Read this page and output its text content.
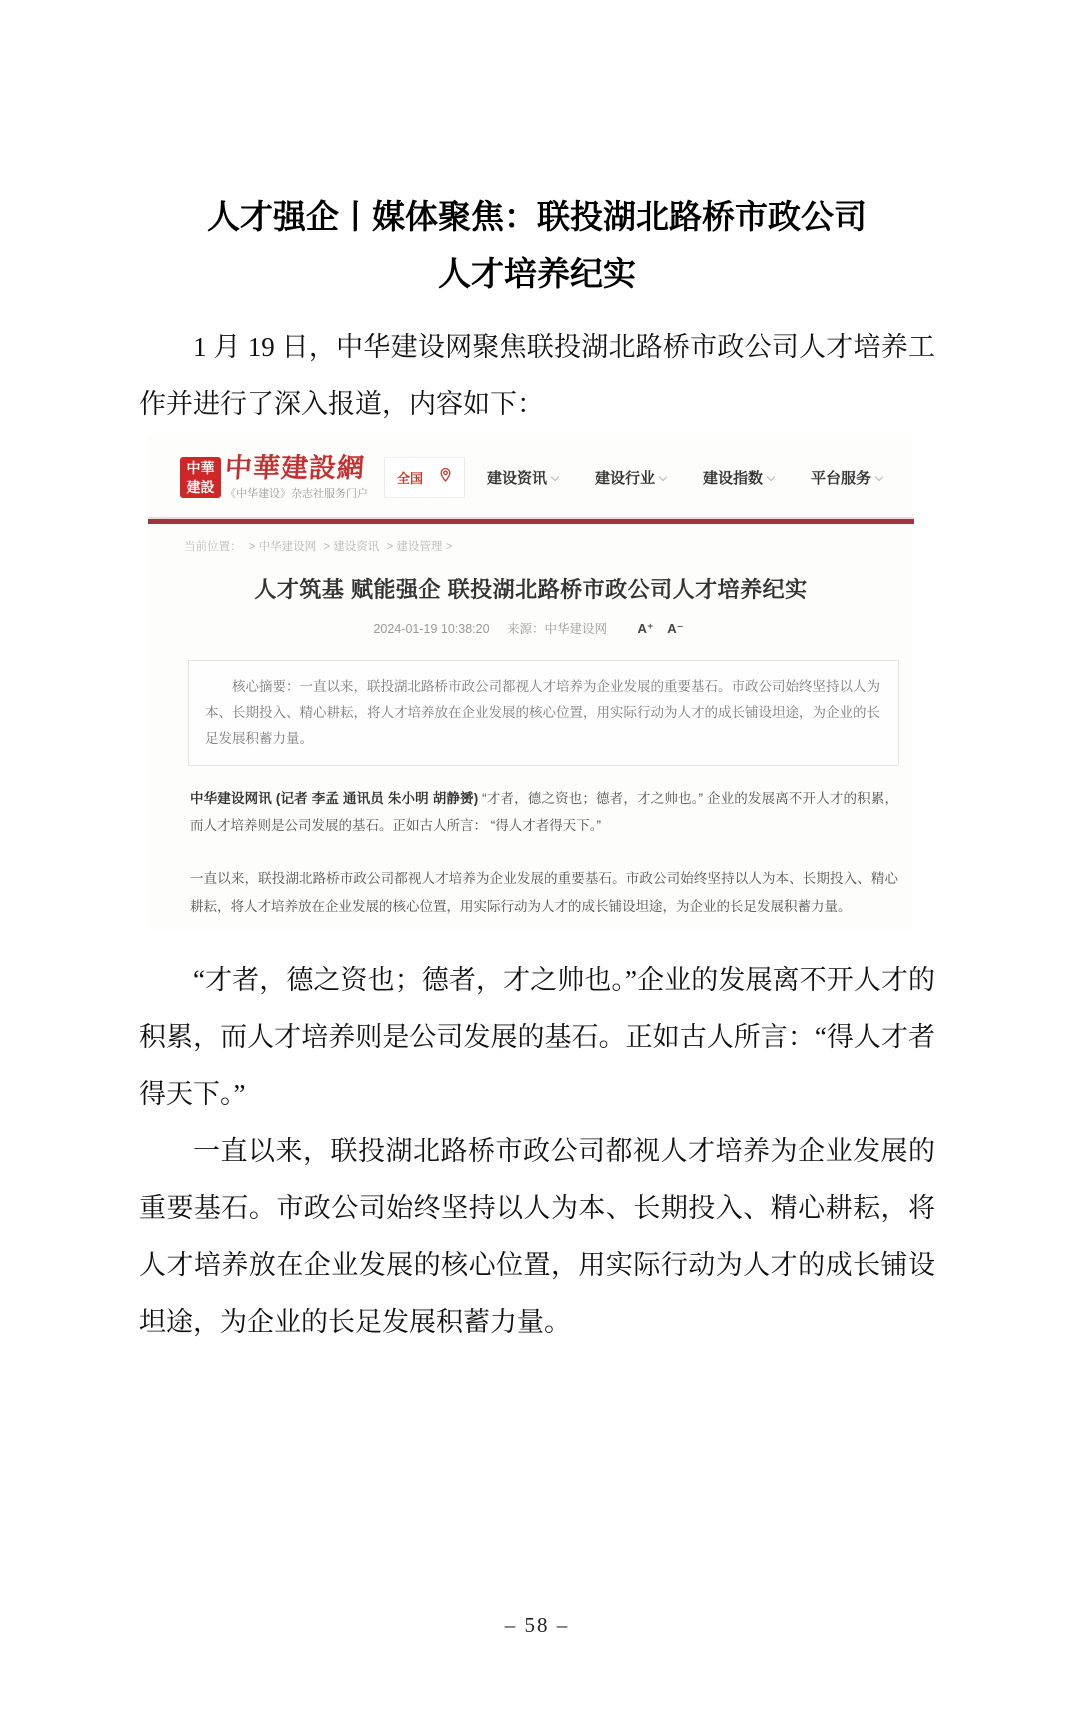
人才强企丨媒体聚焦：联投湖北路桥市政公司
人才培养纪实

1 月 19 日，中华建设网聚焦联投湖北路桥市政公司人才培养工作并进行了深入报道，内容如下：

中華
建設
中華建設網
《中华建设》杂志社服务门户
全国	建设资讯	建设行业	建设指数	平台服务
当前位置： > 中华建设网 > 建设资讯 > 建设管理 >
人才筑基 赋能强企 联投湖北路桥市政公司人才培养纪实
2024-01-19 10:38:20 来源：中华建设网 A⁺ A⁻
核心摘要：一直以来，联投湖北路桥市政公司都视人才培养为企业发展的重要基石。市政公司始终坚持以人为本、长期投入、精心耕耘，将人才培养放在企业发展的核心位置，用实际行动为人才的成长铺设坦途，为企业的长足发展积蓄力量。

中华建设网讯 (记者 李孟 通讯员 朱小明 胡静赟) “才者，德之资也；德者，才之帅也。” 企业的发展离不开人才的积累，而人才培养则是公司发展的基石。正如古人所言： “得人才者得天下。”

一直以来，联投湖北路桥市政公司都视人才培养为企业发展的重要基石。市政公司始终坚持以人为本、长期投入、精心耕耘，将人才培养放在企业发展的核心位置，用实际行动为人才的成长铺设坦途，为企业的长足发展积蓄力量。

“才者，德之资也；德者，才之帅也。”企业的发展离不开人才的积累，而人才培养则是公司发展的基石。正如古人所言：“得人才者得天下。”

一直以来，联投湖北路桥市政公司都视人才培养为企业发展的重要基石。市政公司始终坚持以人为本、长期投入、精心耕耘，将人才培养放在企业发展的核心位置，用实际行动为人才的成长铺设坦途，为企业的长足发展积蓄力量。

– 58 –
